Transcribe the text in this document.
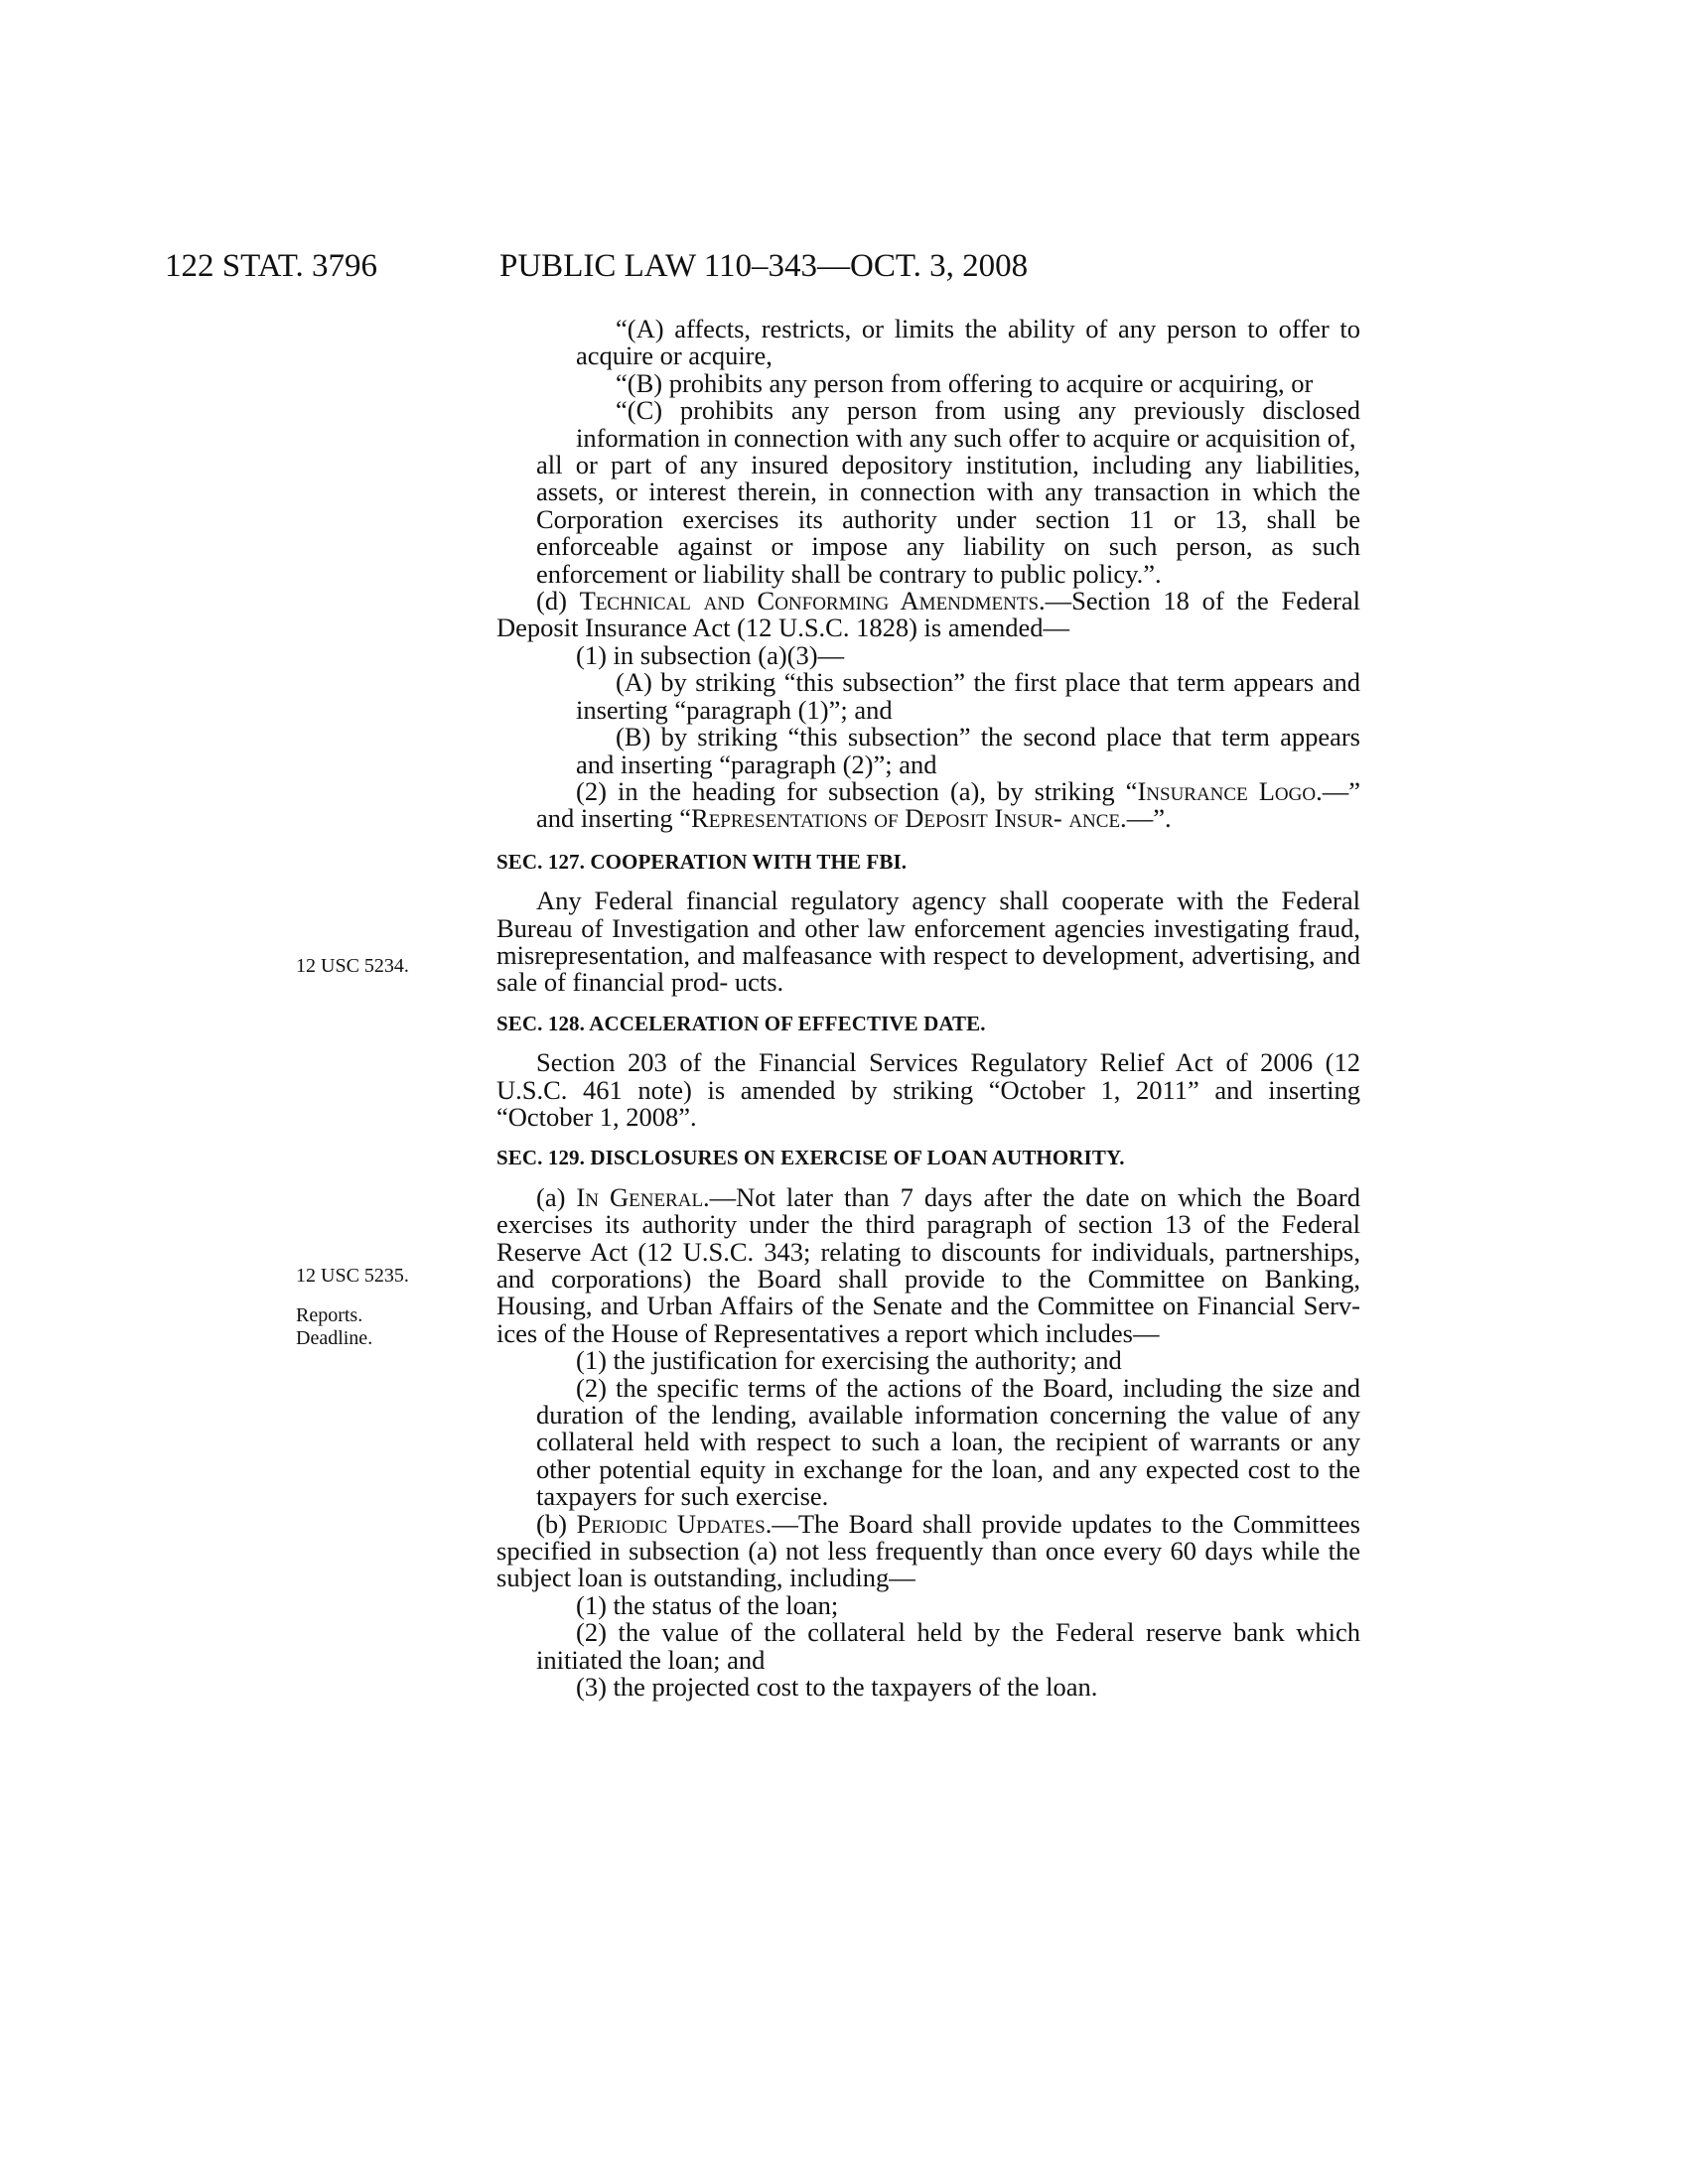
122 STAT. 3796	PUBLIC LAW 110–343—OCT. 3, 2008
12 USC 5234.
12 USC 5235.
Reports.
Deadline.

“(A) affects, restricts, or limits the ability of any person to offer to acquire or acquire,

“(B) prohibits any person from offering to acquire or acquiring, or

“(C) prohibits any person from using any previously disclosed information in connection with any such offer to acquire or acquisition of,

all or part of any insured depository institution, including any liabilities, assets, or interest therein, in connection with any transaction in which the Corporation exercises its authority under section 11 or 13, shall be enforceable against or impose any liability on such person, as such enforcement or liability shall be contrary to public policy.”.

(d) Technical and Conforming Amendments.—Section 18 of the Federal Deposit Insurance Act (12 U.S.C. 1828) is amended—

(1) in subsection (a)(3)—

(A) by striking “this subsection” the first place that term appears and inserting “paragraph (1)”; and

(B) by striking “this subsection” the second place that term appears and inserting “paragraph (2)”; and

(2) in the heading for subsection (a), by striking “Insurance Logo.—” and inserting “Representations of Deposit Insur- ance.—”.

SEC. 127. COOPERATION WITH THE FBI.

Any Federal financial regulatory agency shall cooperate with the Federal Bureau of Investigation and other law enforcement agencies investigating fraud, misrepresentation, and malfeasance with respect to development, advertising, and sale of financial prod- ucts.

SEC. 128. ACCELERATION OF EFFECTIVE DATE.

Section 203 of the Financial Services Regulatory Relief Act of 2006 (12 U.S.C. 461 note) is amended by striking “October 1, 2011” and inserting “October 1, 2008”.

SEC. 129. DISCLOSURES ON EXERCISE OF LOAN AUTHORITY.

(a) In General.—Not later than 7 days after the date on which the Board exercises its authority under the third paragraph of section 13 of the Federal Reserve Act (12 U.S.C. 343; relating to discounts for individuals, partnerships, and corporations) the Board shall provide to the Committee on Banking, Housing, and Urban Affairs of the Senate and the Committee on Financial Serv- ices of the House of Representatives a report which includes—

(1) the justification for exercising the authority; and

(2) the specific terms of the actions of the Board, including the size and duration of the lending, available information concerning the value of any collateral held with respect to such a loan, the recipient of warrants or any other potential equity in exchange for the loan, and any expected cost to the taxpayers for such exercise.

(b) Periodic Updates.—The Board shall provide updates to the Committees specified in subsection (a) not less frequently than once every 60 days while the subject loan is outstanding, including—

(1) the status of the loan;

(2) the value of the collateral held by the Federal reserve bank which initiated the loan; and

(3) the projected cost to the taxpayers of the loan.
